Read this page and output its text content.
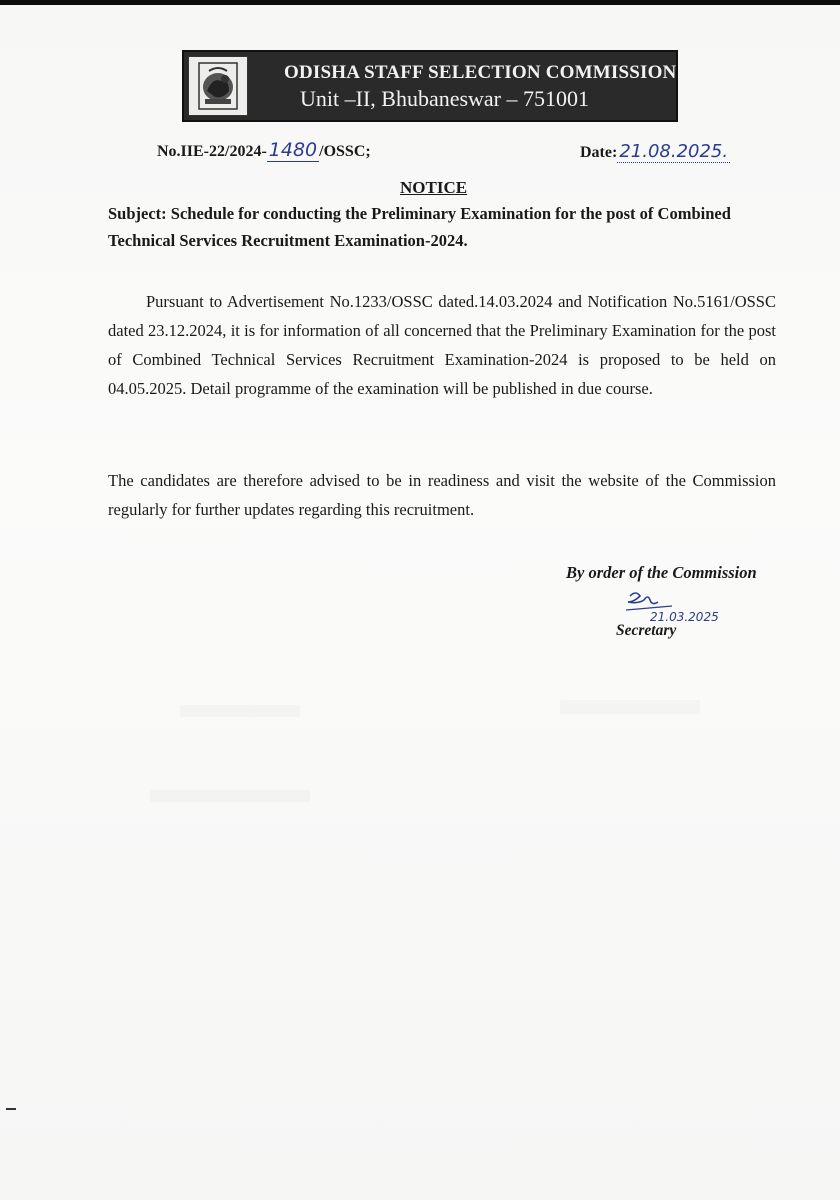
ODISHA STAFF SELECTION COMMISSION
Unit –II, Bhubaneswar – 751001
No.IIE-22/2024- 1480 /OSSC;	Date: 21.08.2025.
NOTICE
Subject: Schedule for conducting the Preliminary Examination for the post of Combined Technical Services Recruitment Examination-2024.
Pursuant to Advertisement No.1233/OSSC dated.14.03.2024 and Notification No.5161/OSSC dated 23.12.2024, it is for information of all concerned that the Preliminary Examination for the post of Combined Technical Services Recruitment Examination-2024 is proposed to be held on 04.05.2025. Detail programme of the examination will be published in due course.
The candidates are therefore advised to be in readiness and visit the website of the Commission regularly for further updates regarding this recruitment.
By order of the Commission
21.03.2025
Secretary
